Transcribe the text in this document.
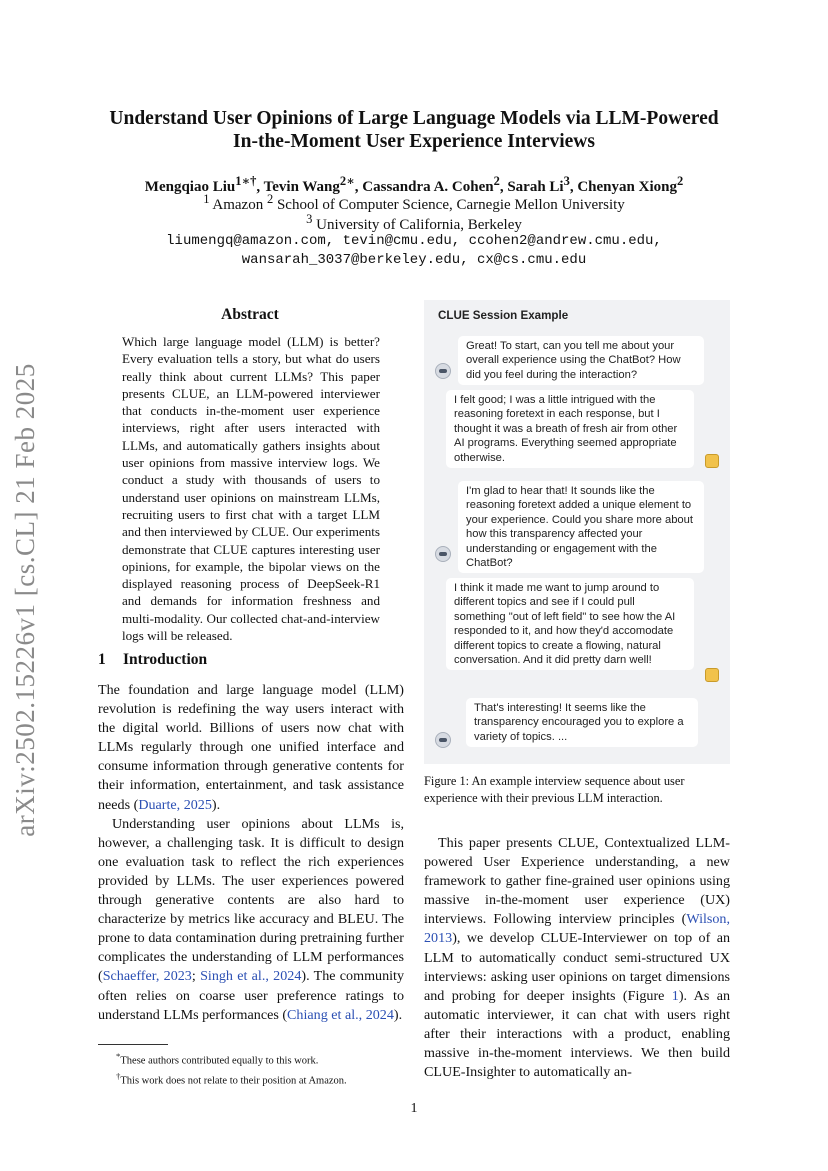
arXiv:2502.15226v1 [cs.CL] 21 Feb 2025
Understand User Opinions of Large Language Models via LLM-Powered
In-the-Moment User Experience Interviews
Mengqiao Liu$^{1∗\dagger}$, Tevin Wang$^{2∗}$, Cassandra A. Cohen$^2$, Sarah Li$^3$, Chenyan Xiong$^2$
$^1$ Amazon $^2$ School of Computer Science, Carnegie Mellon University
$^3$ University of California, Berkeley
liumengq@amazon.com, tevin@cmu.edu, ccohen2@andrew.cmu.edu,
wansarah_3037@berkeley.edu, cx@cs.cmu.edu
Abstract
Which large language model (LLM) is better? Every evaluation tells a story, but what do users really think about current LLMs? This paper presents CLUE, an LLM-powered interviewer that conducts in-the-moment user experience interviews, right after users interacted with LLMs, and automatically gathers insights about user opinions from massive interview logs. We conduct a study with thousands of users to understand user opinions on mainstream LLMs, recruiting users to first chat with a target LLM and then interviewed by CLUE. Our experiments demonstrate that CLUE captures interesting user opinions, for example, the bipolar views on the displayed reasoning process of DeepSeek-R1 and demands for information freshness and multi-modality. Our collected chat-and-interview logs will be released.
1 Introduction

The foundation and large language model (LLM) revolution is redefining the way users interact with the digital world. Billions of users now chat with LLMs regularly through one unified interface and consume information through generative contents for their information, entertainment, and task assistance needs (Duarte, 2025).

Understanding user opinions about LLMs is, however, a challenging task. It is difficult to design one evaluation task to reflect the rich experiences provided by LLMs. The user experiences powered through generative contents are also hard to characterize by metrics like accuracy and BLEU. The prone to data contamination during pretraining further complicates the understanding of LLM performances (Schaeffer, 2023; Singh et al., 2024). The community often relies on coarse user preference ratings to understand LLMs performances (Chiang et al., 2024).

*These authors contributed equally to this work.
†This work does not relate to their position at Amazon.
CLUE Session Example
Great! To start, can you tell me about your overall experience using the ChatBot? How did you feel during the interaction?
I felt good; I was a little intrigued with the reasoning foretext in each response, but I thought it was a breath of fresh air from other AI programs. Everything seemed appropriate otherwise.
I'm glad to hear that! It sounds like the reasoning foretext added a unique element to your experience. Could you share more about how this transparency affected your understanding or engagement with the ChatBot?
I think it made me want to jump around to different topics and see if I could pull something "out of left field" to see how the AI responded to it, and how they'd accomodate different topics to create a flowing, natural conversation. And it did pretty darn well!
That's interesting! It seems like the transparency encouraged you to explore a variety of topics. ...
Figure 1: An example interview sequence about user experience with their previous LLM interaction.

This paper presents CLUE, Contextualized LLM-powered User Experience understanding, a new framework to gather fine-grained user opinions using massive in-the-moment user experience (UX) interviews. Following interview principles (Wilson, 2013), we develop CLUE-Interviewer on top of an LLM to automatically conduct semi-structured UX interviews: asking user opinions on target dimensions and probing for deeper insights (Figure 1). As an automatic interviewer, it can chat with users right after their interactions with a product, enabling massive in-the-moment interviews. We then build CLUE-Insighter to automatically an-

1
